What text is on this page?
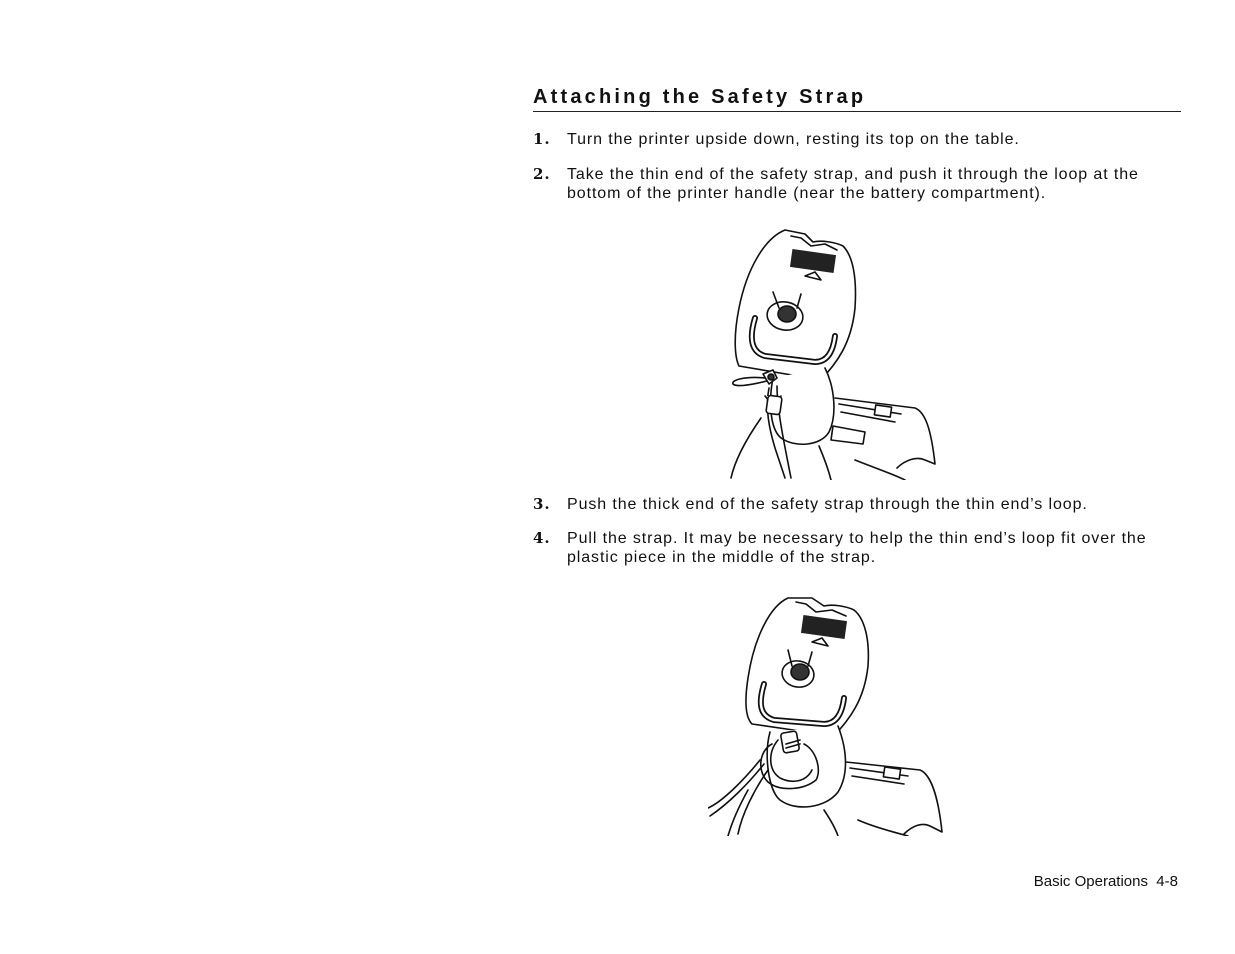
Attaching the Safety Strap
1. Turn the printer upside down, resting its top on the table.
2. Take the thin end of the safety strap, and push it through the loop at the bottom of the printer handle (near the battery compartment).
3. Push the thick end of the safety strap through the thin end’s loop.
4. Pull the strap. It may be necessary to help the thin end’s loop fit over the plastic piece in the middle of the strap.
Basic Operations  4-8
